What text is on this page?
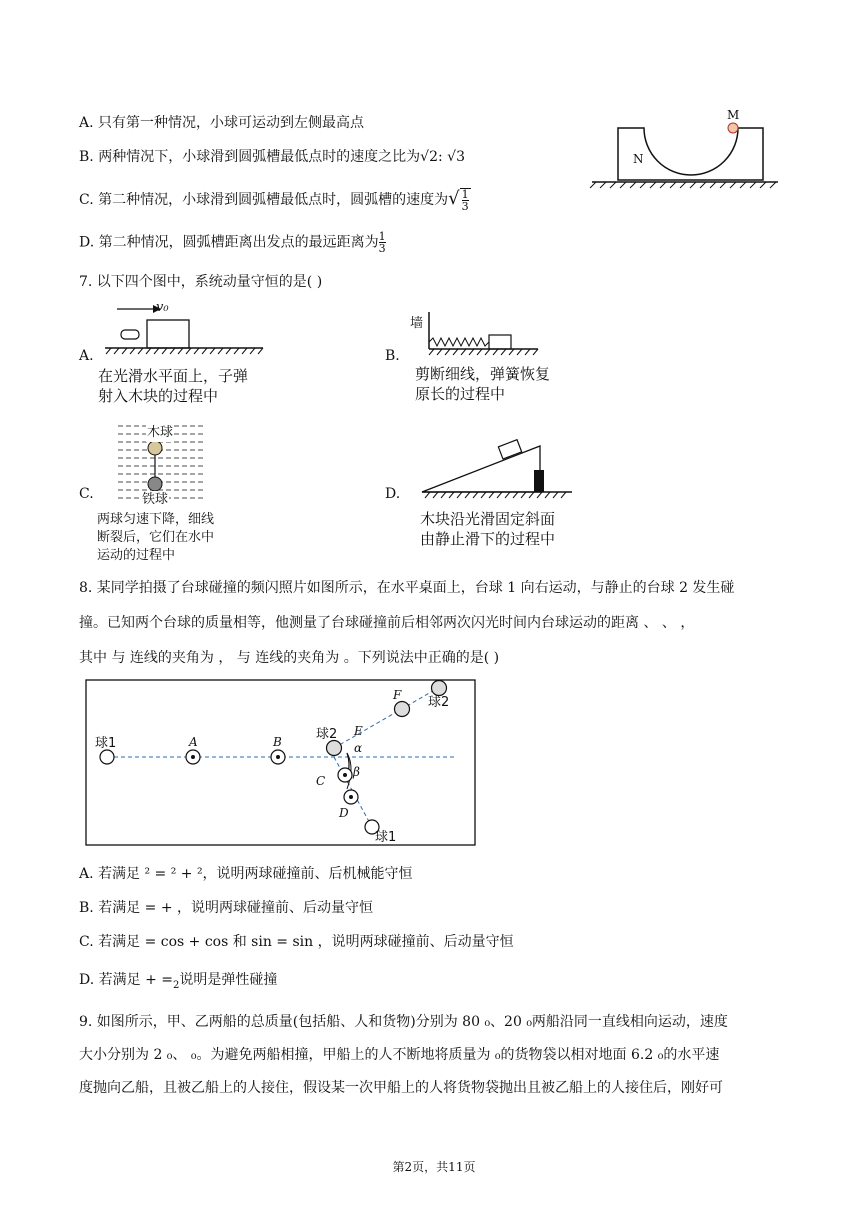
A. 只有第一种情况，小球可运动到左侧最高点
B. 两种情况下，小球滑到圆弧槽最低点时的速度之比为√2: √3
C. 第二种情况，小球滑到圆弧槽最低点时，圆弧槽的速度为√ $\frac{1}{3}$
D. 第二种情况，圆弧槽距离出发点的最远距离为 $\frac{1}{3}$
M
N
7. 以下四个图中，系统动量守恒的是( )
A.
v₀
在光滑水平面上，子弹
射入木块的过程中
B.
墙
剪断细线，弹簧恢复
原长的过程中
C.
木球
铁球
两球匀速下降，细线
断裂后，它们在水中
运动的过程中
D.
木块沿光滑固定斜面
由静止滑下的过程中
8. 某同学拍摄了台球碰撞的频闪照片如图所示，在水平桌面上，台球 1 向右运动，与静止的台球 2 发生碰
撞。已知两个台球的质量相等，他测量了台球碰撞前后相邻两次闪光时间内台球运动的距离 、 、 ，
其中 与 连线的夹角为 ， 与 连线的夹角为 。下列说法中正确的是( )
球1	A	B
C
D
E
F
球2
球2
球1
α
β
A. 若满足 ² = ² + ²，说明两球碰撞前、后机械能守恒
B. 若满足 = + ，说明两球碰撞前、后动量守恒
C. 若满足 = cos + cos 和 sin = sin ，说明两球碰撞前、后动量守恒
D. 若满足 + $=_2$说明是弹性碰撞
9. 如图所示，甲、乙两船的总质量(包括船、人和货物)分别为 80 ₀、20 ₀两船沿同一直线相向运动，速度
大小分别为 2 ₀、 ₀。为避免两船相撞，甲船上的人不断地将质量为 ₀的货物袋以相对地面 6.2 ₀的水平速
度抛向乙船，且被乙船上的人接住，假设某一次甲船上的人将货物袋抛出且被乙船上的人接住后，刚好可
第2页，共11页
